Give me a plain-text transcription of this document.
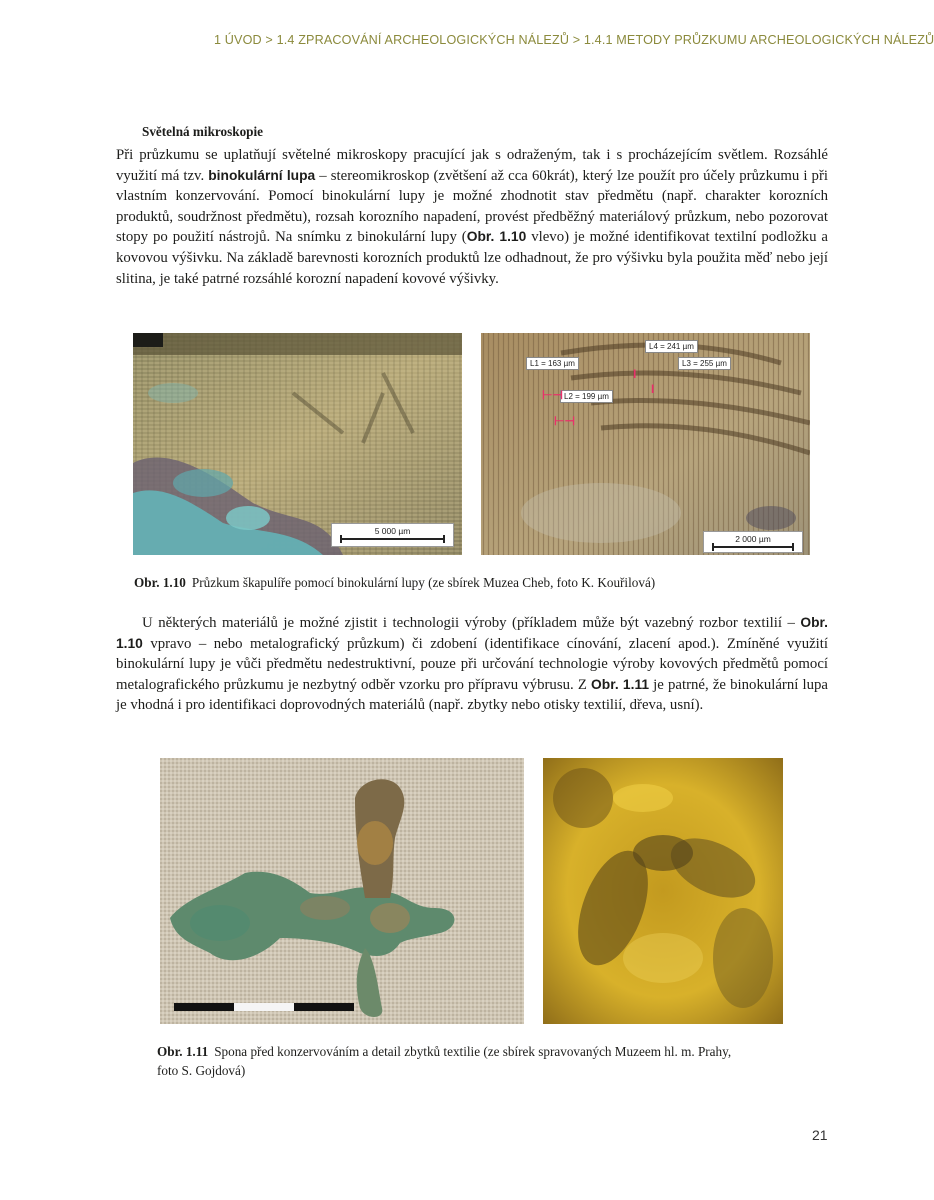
1 ÚVOD > 1.4 ZPRACOVÁNÍ ARCHEOLOGICKÝCH NÁLEZŮ > 1.4.1 METODY PRŮZKUMU ARCHEOLOGICKÝCH NÁLEZŮ
Světelná mikroskopie

Při průzkumu se uplatňují světelné mikroskopy pracující jak s odraženým, tak i s procházejícím světlem. Rozsáhlé využití má tzv. binokulární lupa – stereomikroskop (zvětšení až cca 60krát), který lze použít pro účely průzkumu i při vlastním konzervování. Pomocí binokulární lupy je možné zhodnotit stav předmětu (např. charakter korozních produktů, soudržnost předmětu), rozsah korozního napadení, provést předběžný materiálový průzkum, nebo pozorovat stopy po použití nástrojů. Na snímku z binokulární lupy (Obr. 1.10 vlevo) je možné identifikovat textilní podložku a kovovou výšivku. Na základě barevnosti korozních produktů lze odhadnout, že pro výšivku byla použita měď nebo její slitina, je také patrné rozsáhlé korozní napadení kovové výšivky.

5 000 µm
L1 = 163 µm
L2 = 199 µm
L3 = 255 µm
L4 = 241 µm
⊢⊣
⊢⊣
Ι
Ι
2 000 µm
Obr. 1.10 Průzkum škapulíře pomocí binokulární lupy (ze sbírek Muzea Cheb, foto K. Kouřilová)

U některých materiálů je možné zjistit i technologii výroby (příkladem může být vazebný rozbor textilií – Obr. 1.10 vpravo – nebo metalografický průzkum) či zdobení (identifikace cínování, zlacení apod.). Zmíněné využití binokulární lupy je vůči předmětu nedestruktivní, pouze při určování technologie výroby kovových předmětů pomocí metalografického průzkumu je nezbytný odběr vzorku pro přípravu výbrusu. Z Obr. 1.11 je patrné, že binokulární lupa je vhodná i pro identifikaci doprovodných materiálů (např. zbytky nebo otisky textilií, dřeva, usní).

Obr. 1.11 Spona před konzervováním a detail zbytků textilie (ze sbírek spravovaných Muzeem hl. m. Prahy, foto S. Gojdová)
21
